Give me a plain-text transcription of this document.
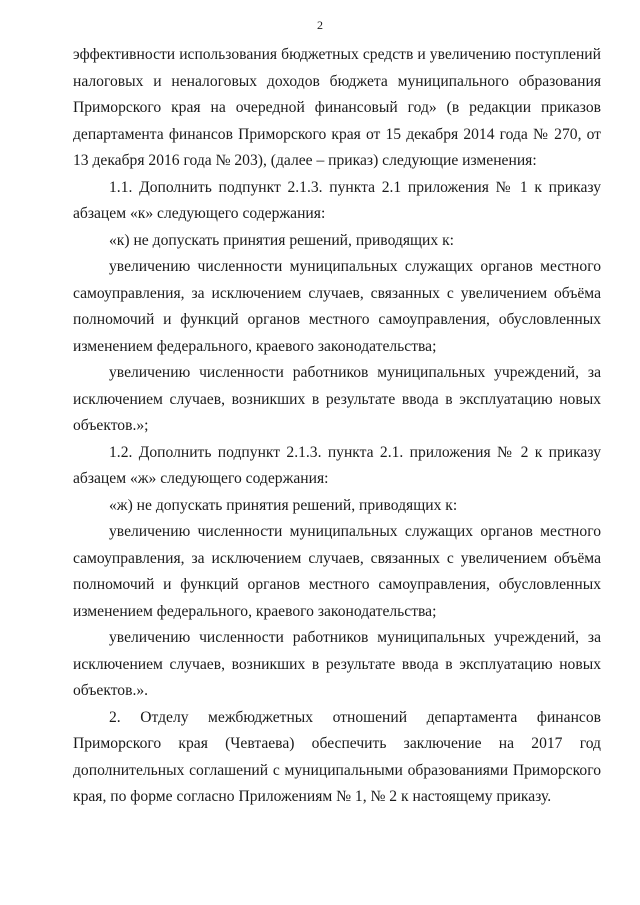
2

эффективности использования бюджетных средств и увеличению поступлений

налоговых и неналоговых доходов бюджета муниципального образования

Приморского края на очередной финансовый год» (в редакции приказов

департамента финансов Приморского края от 15 декабря 2014 года № 270, от

13 декабря 2016 года № 203), (далее – приказ) следующие изменения:

1.1. Дополнить подпункт 2.1.3. пункта 2.1 приложения № 1 к приказу

абзацем «к» следующего содержания:

«к) не допускать принятия решений, приводящих к:

увеличению численности муниципальных служащих органов местного

самоуправления, за исключением случаев, связанных с увеличением объёма

полномочий и функций органов местного самоуправления, обусловленных

изменением федерального, краевого законодательства;

увеличению численности работников муниципальных учреждений, за

исключением случаев, возникших в результате ввода в эксплуатацию новых

объектов.»;

1.2. Дополнить подпункт 2.1.3. пункта 2.1. приложения № 2 к приказу

абзацем «ж» следующего содержания:

«ж) не допускать принятия решений, приводящих к:

увеличению численности муниципальных служащих органов местного

самоуправления, за исключением случаев, связанных с увеличением объёма

полномочий и функций органов местного самоуправления, обусловленных

изменением федерального, краевого законодательства;

увеличению численности работников муниципальных учреждений, за

исключением случаев, возникших в результате ввода в эксплуатацию новых

объектов.».

2. Отделу межбюджетных отношений департамента финансов

Приморского края (Чевтаева) обеспечить заключение на 2017 год

дополнительных соглашений с муниципальными образованиями Приморского

края, по форме согласно Приложениям № 1, № 2 к настоящему приказу.
